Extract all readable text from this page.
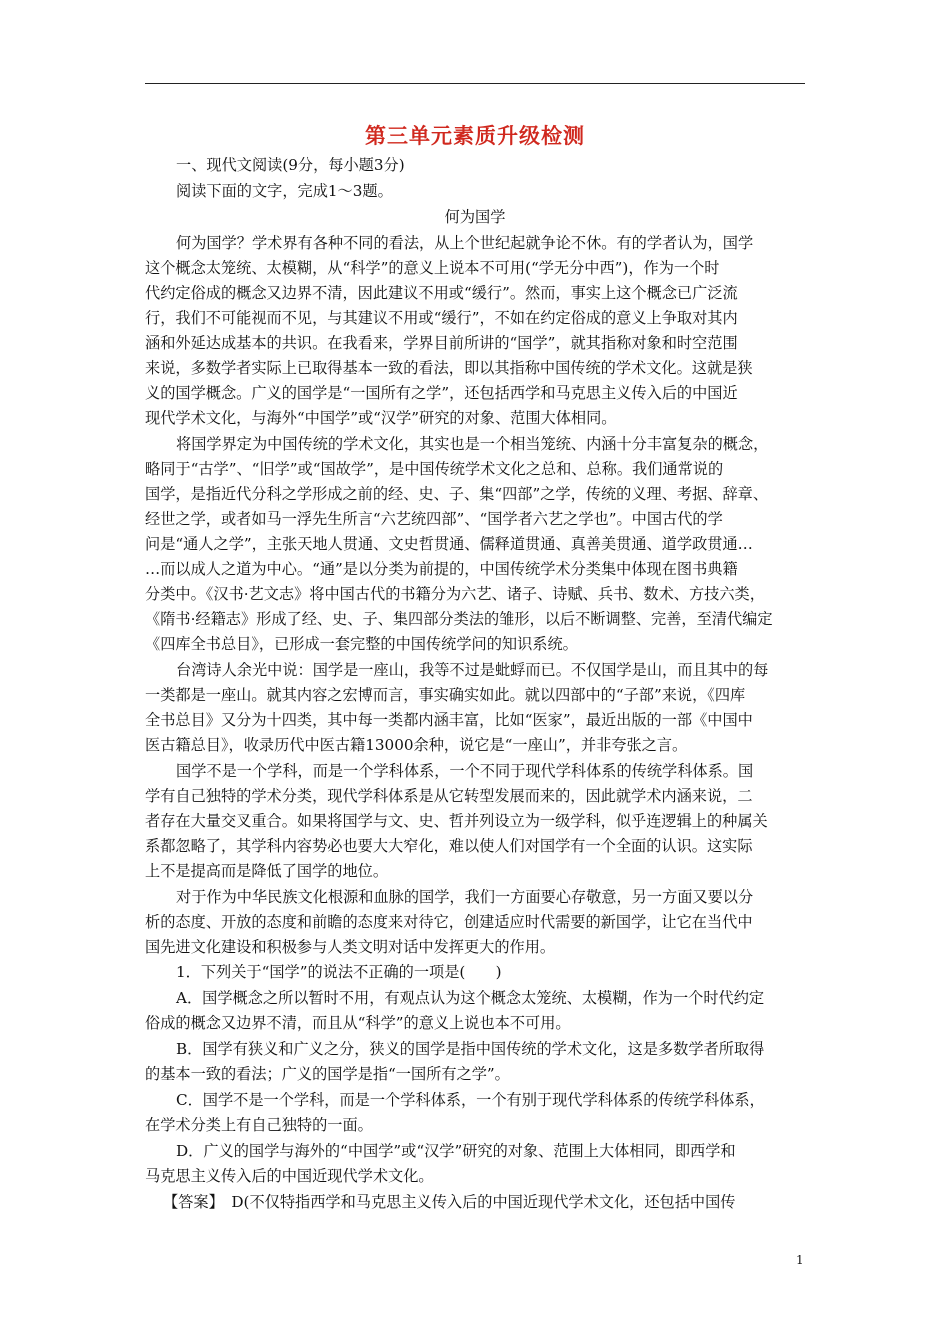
第三单元素质升级检测
一、现代文阅读(9分，每小题3分)
阅读下面的文字，完成1～3题。
何为国学
何为国学？学术界有各种不同的看法，从上个世纪起就争论不休。有的学者认为，国学
这个概念太笼统、太模糊，从“科学”的意义上说本不可用(“学无分中西”)，作为一个时
代约定俗成的概念又边界不清，因此建议不用或“缓行”。然而，事实上这个概念已广泛流
行，我们不可能视而不见，与其建议不用或“缓行”，不如在约定俗成的意义上争取对其内
涵和外延达成基本的共识。在我看来，学界目前所讲的“国学”，就其指称对象和时空范围
来说，多数学者实际上已取得基本一致的看法，即以其指称中国传统的学术文化。这就是狭
义的国学概念。广义的国学是“一国所有之学”，还包括西学和马克思主义传入后的中国近
现代学术文化，与海外“中国学”或“汉学”研究的对象、范围大体相同。
将国学界定为中国传统的学术文化，其实也是一个相当笼统、内涵十分丰富复杂的概念，
略同于“古学”、“旧学”或“国故学”，是中国传统学术文化之总和、总称。我们通常说的
国学，是指近代分科之学形成之前的经、史、子、集“四部”之学，传统的义理、考据、辞章、
经世之学，或者如马一浮先生所言“六艺统四部”、“国学者六艺之学也”。中国古代的学
问是“通人之学”，主张天地人贯通、文史哲贯通、儒释道贯通、真善美贯通、道学政贯通…
…而以成人之道为中心。“通”是以分类为前提的，中国传统学术分类集中体现在图书典籍
分类中。《汉书·艺文志》将中国古代的书籍分为六艺、诸子、诗赋、兵书、数术、方技六类，
《隋书·经籍志》形成了经、史、子、集四部分类法的雏形，以后不断调整、完善，至清代编定
《四库全书总目》，已形成一套完整的中国传统学问的知识系统。
台湾诗人余光中说：国学是一座山，我等不过是蚍蜉而已。不仅国学是山，而且其中的每
一类都是一座山。就其内容之宏博而言，事实确实如此。就以四部中的“子部”来说，《四库
全书总目》又分为十四类，其中每一类都内涵丰富，比如“医家”，最近出版的一部《中国中
医古籍总目》，收录历代中医古籍13000余种，说它是“一座山”，并非夸张之言。
国学不是一个学科，而是一个学科体系，一个不同于现代学科体系的传统学科体系。国
学有自己独特的学术分类，现代学科体系是从它转型发展而来的，因此就学术内涵来说，二
者存在大量交叉重合。如果将国学与文、史、哲并列设立为一级学科，似乎连逻辑上的种属关
系都忽略了，其学科内容势必也要大大窄化，难以使人们对国学有一个全面的认识。这实际
上不是提高而是降低了国学的地位。
对于作为中华民族文化根源和血脉的国学，我们一方面要心存敬意，另一方面又要以分
析的态度、开放的态度和前瞻的态度来对待它，创建适应时代需要的新国学，让它在当代中
国先进文化建设和积极参与人类文明对话中发挥更大的作用。
1．下列关于“国学”的说法不正确的一项是(　　)
A．国学概念之所以暂时不用，有观点认为这个概念太笼统、太模糊，作为一个时代约定
俗成的概念又边界不清，而且从“科学”的意义上说也本不可用。
B．国学有狭义和广义之分，狭义的国学是指中国传统的学术文化，这是多数学者所取得
的基本一致的看法；广义的国学是指“一国所有之学”。
C．国学不是一个学科，而是一个学科体系，一个有别于现代学科体系的传统学科体系，
在学术分类上有自己独特的一面。
D．广义的国学与海外的“中国学”或“汉学”研究的对象、范围上大体相同，即西学和
马克思主义传入后的中国近现代学术文化。
【答案】　 D(不仅特指西学和马克思主义传入后的中国近现代学术文化，还包括中国传
1
